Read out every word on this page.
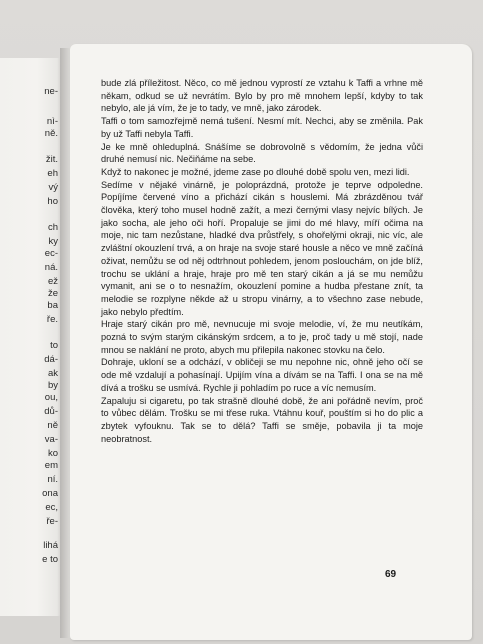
ne-
nì-
ně.
žit.
eh
vý
ho
ch
ky
ec-
ná.
ež
že
ba
ře.
to
dá-
ak
by
ou,
dů-
ně
va-
ko
em
ní.
ona
ec,
ře-
lihá
e to

bude zlá příležitost. Něco, co mě jednou vyprostí ze vztahu k Taffi a vrhne mě někam, odkud se už nevrátím. Bylo by pro mě mnohem lepší, kdyby to tak nebylo, ale já vím, že je to tady, ve mně, jako zárodek.

Taffi o tom samozřejmě nemá tušení. Nesmí mít. Nechci, aby se změnila. Pak by už Taffi nebyla Taffi.

Je ke mně ohleduplná. Snášíme se dobrovolně s vědomím, že jedna vůči druhé nemusí nic. Nečiňáme na sebe.

Když to nakonec je možné, jdeme zase po dlouhé době spolu ven, mezi lidi.

Sedíme v nějaké vinárně, je poloprázdná, protože je teprve odpoledne. Popíjíme červené víno a přichází cikán s houslemi. Má zbrázděnou tvář člověka, který toho musel hodně zažít, a mezi černými vlasy nejvíc bílých. Je jako socha, ale jeho oči hoří. Propaluje se jimi do mé hlavy, míří očima na moje, nic tam nezůstane, hladké dva průstřely, s ohořelými okraji, nic víc, ale zvláštní okouzlení trvá, a on hraje na svoje staré housle a něco ve mně začíná oživat, nemůžu se od něj odtrhnout pohledem, jenom poslouchám, on jde blíž, trochu se uklání a hraje, hraje pro mě ten starý cikán a já se mu nemůžu vymanit, ani se o to nesnažím, okouzlení pomine a hudba přestane znít, ta melodie se rozplyne někde až u stropu vinárny, a to všechno zase nebude, jako nebylo předtím.

Hraje starý cikán pro mě, nevnucuje mi svoje melodie, ví, že mu neutíkám, pozná to svým starým cikánským srdcem, a to je, proč tady u mě stojí, nade mnou se naklání ne proto, abych mu přilepila nakonec stovku na čelo.

Dohraje, ukloní se a odchází, v obličeji se mu nepohne nic, ohně jeho očí se ode mě vzdalují a pohasínají. Upijím vína a dívám se na Taffi. I ona se na mě dívá a trošku se usmívá. Rychle ji pohladím po ruce a víc nemusím.

Zapaluju si cigaretu, po tak strašně dlouhé době, že ani pořádně nevím, proč to vůbec dělám. Trošku se mi třese ruka. Vtáhnu kouř, pouštím si ho do plic a zbytek vyfouknu. Tak se to dělá? Taffi se směje, pobavila ji ta moje neobratnost.

69
